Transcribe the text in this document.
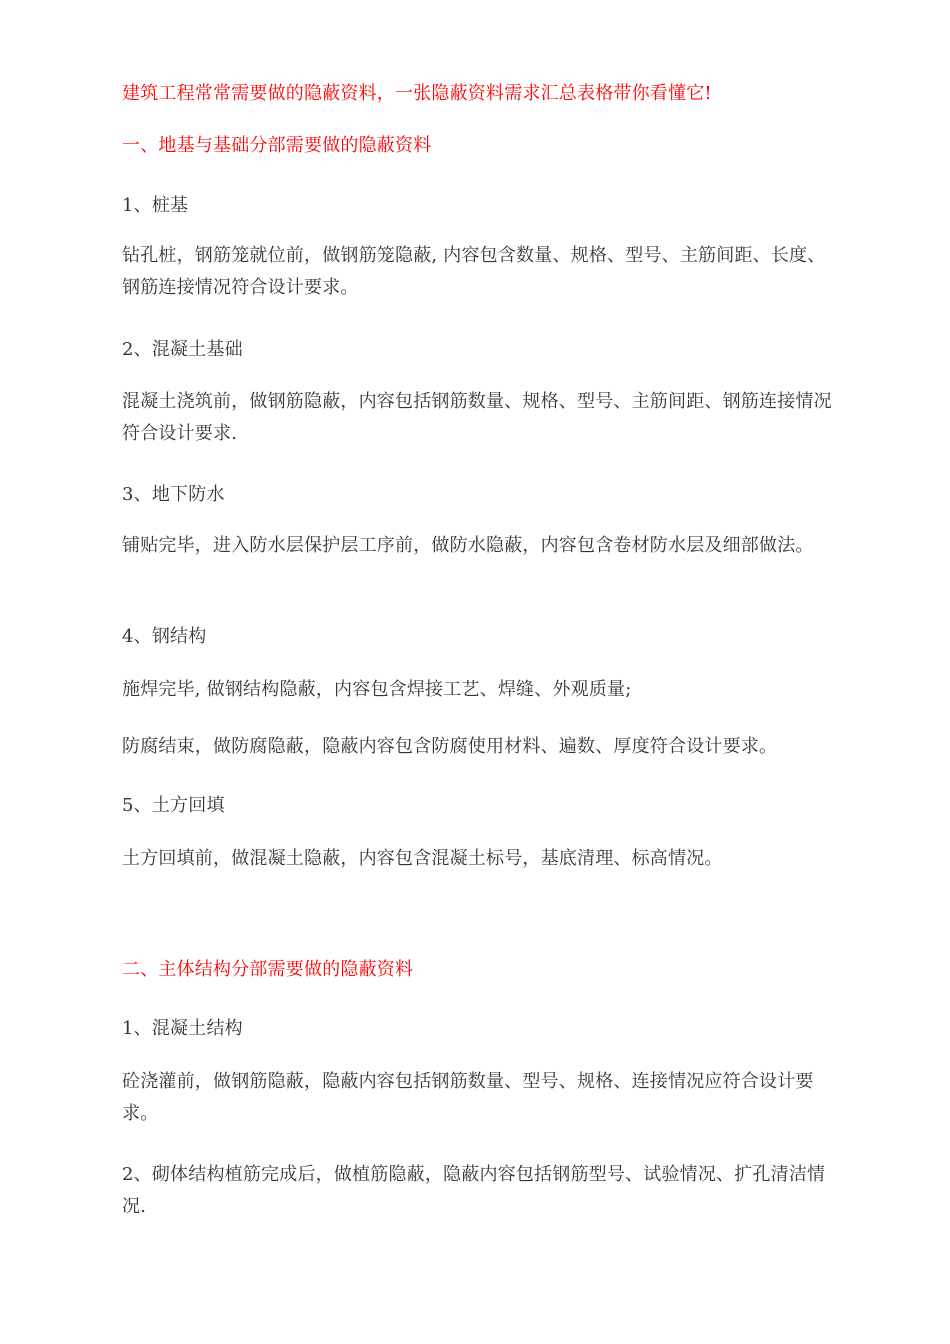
建筑工程常常需要做的隐蔽资料，一张隐蔽资料需求汇总表格带你看懂它!
一、地基与基础分部需要做的隐蔽资料
1、桩基
钻孔桩，钢筋笼就位前，做钢筋笼隐蔽, 内容包含数量、规格、型号、主筋间距、长度、钢筋连接情况符合设计要求。
2、混凝土基础
混凝土浇筑前，做钢筋隐蔽，内容包括钢筋数量、规格、型号、主筋间距、钢筋连接情况符合设计要求.
3、地下防水
铺贴完毕，进入防水层保护层工序前，做防水隐蔽，内容包含卷材防水层及细部做法。
4、钢结构
施焊完毕, 做钢结构隐蔽，内容包含焊接工艺、焊缝、外观质量;
防腐结束，做防腐隐蔽，隐蔽内容包含防腐使用材料、遍数、厚度符合设计要求。
5、土方回填
土方回填前，做混凝土隐蔽，内容包含混凝土标号，基底清理、标高情况。
二、主体结构分部需要做的隐蔽资料
1、混凝土结构
砼浇灌前，做钢筋隐蔽，隐蔽内容包括钢筋数量、型号、规格、连接情况应符合设计要求。
2、砌体结构植筋完成后，做植筋隐蔽，隐蔽内容包括钢筋型号、试验情况、扩孔清洁情况.
